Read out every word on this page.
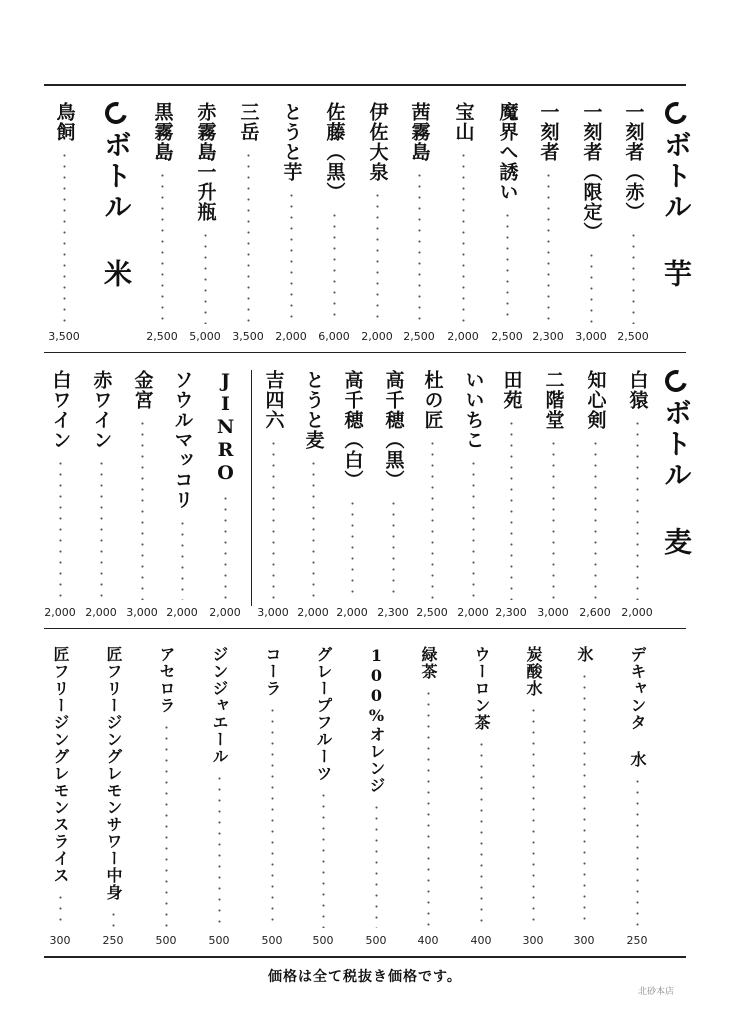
ボトル 芋
ボトル 米
ボトル 麦
一刻者（赤）
2,500
一刻者（限定）
3,000
一刻者
2,300
魔界へ誘い
2,500
宝山
2,000
茜霧島
2,500
伊佐大泉
2,000
佐藤（黒）
6,000
とうと芋
2,000
三岳
3,500
赤霧島一升瓶
5,000
黒霧島
2,500
鳥飼
3,500
白猿
2,000
知心剣
2,600
二階堂
3,000
田苑
2,300
いいちこ
2,000
杜の匠
2,500
高千穂（黒）
2,300
高千穂（白）
2,000
とうと麦
2,000
吉四六
3,000
JINRO
2,000
ソウルマッコリ
2,000
金宮
3,000
赤ワイン
2,000
白ワイン
2,000
デキャンタ 水
250
氷
300
炭酸水
300
ウーロン茶
400
緑茶
400
100%オレンジ
500
グレープフルーツ
500
コーラ
500
ジンジャエール
500
アセロラ
500
匠フリージングレモンサワー中身
250
匠フリージングレモンスライス
300
価格は全て税抜き価格です。
北砂本店
